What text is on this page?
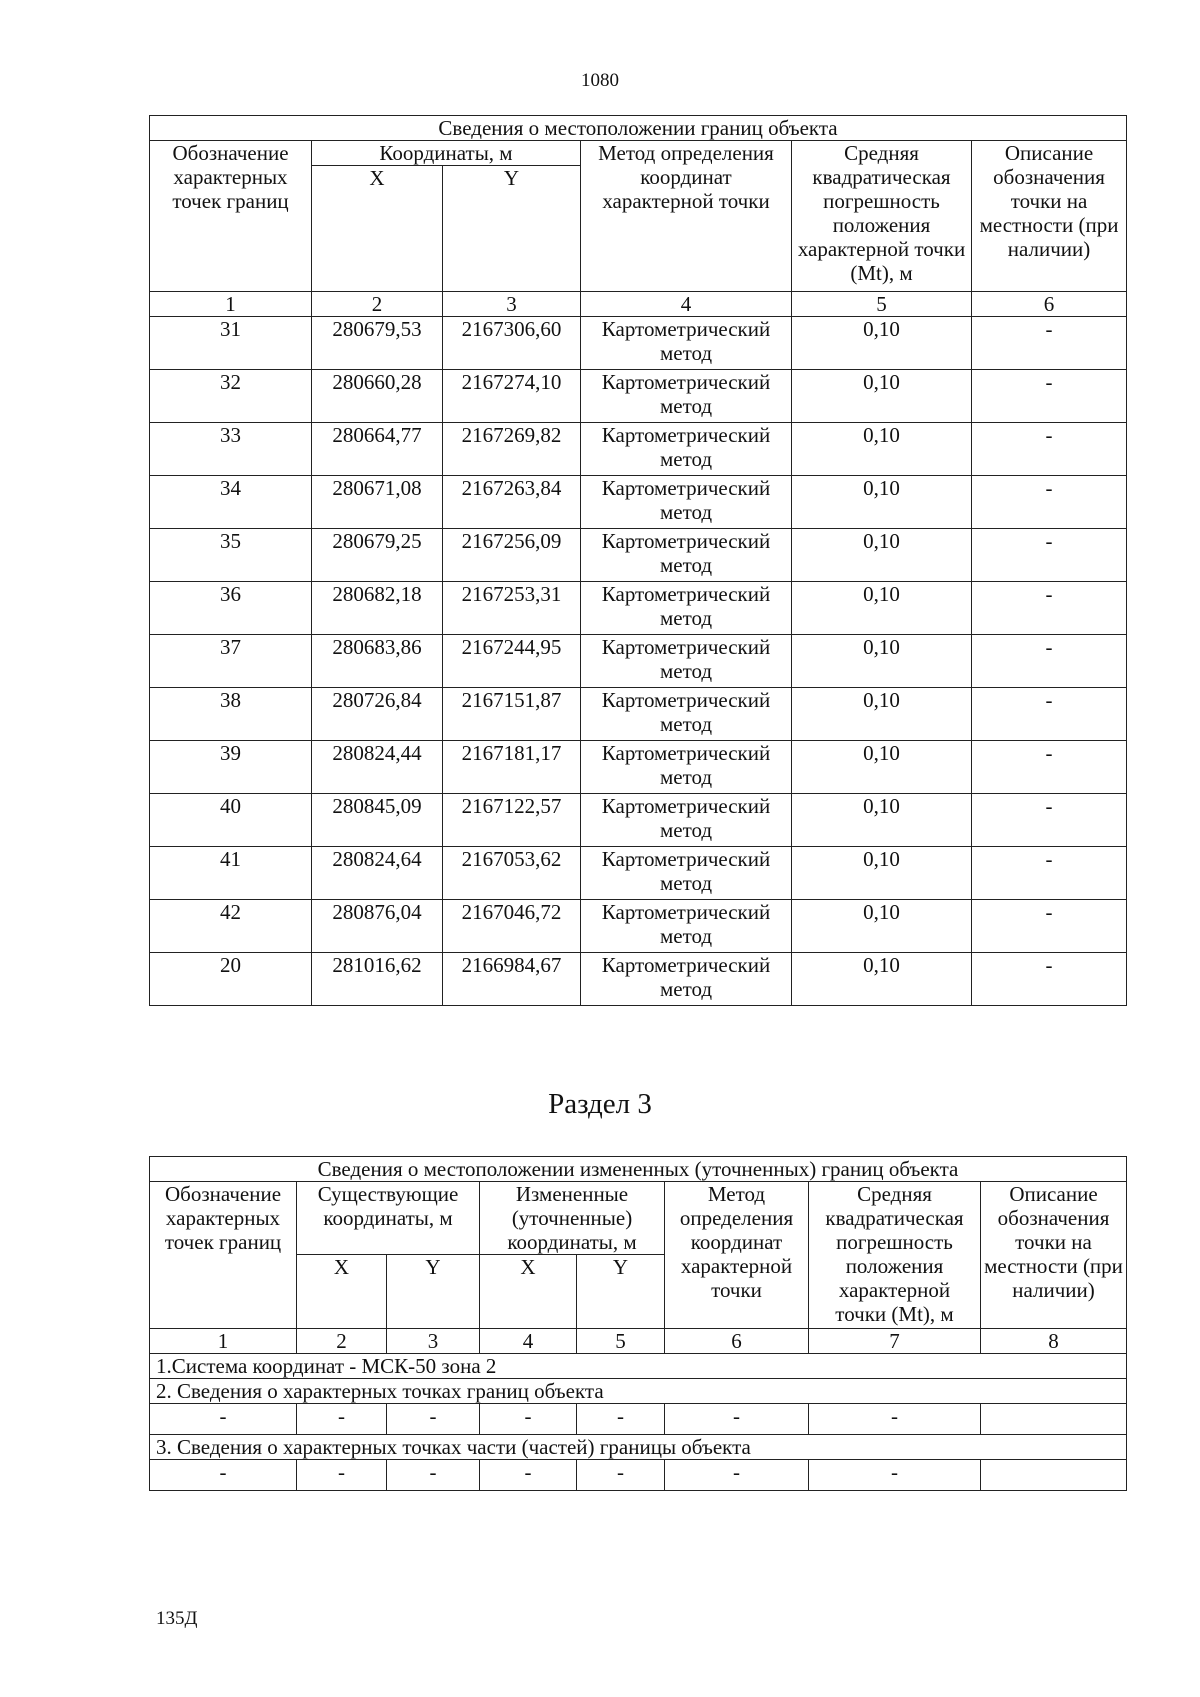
1080
Сведения о местоположении границ объекта					
Обозначение характерных точек границ	Координаты, м		Метод определения координат характерной точки	Средняя квадратическая погрешность положения характерной точки (Mt), м	Описание обозначения точки на местности (при наличии)
	X	Y			
1	2	3	4	5	6
31	280679,53	2167306,60	Картометрический метод	0,10	-
32	280660,28	2167274,10	Картометрический метод	0,10	-
33	280664,77	2167269,82	Картометрический метод	0,10	-
34	280671,08	2167263,84	Картометрический метод	0,10	-
35	280679,25	2167256,09	Картометрический метод	0,10	-
36	280682,18	2167253,31	Картометрический метод	0,10	-
37	280683,86	2167244,95	Картометрический метод	0,10	-
38	280726,84	2167151,87	Картометрический метод	0,10	-
39	280824,44	2167181,17	Картометрический метод	0,10	-
40	280845,09	2167122,57	Картометрический метод	0,10	-
41	280824,64	2167053,62	Картометрический метод	0,10	-
42	280876,04	2167046,72	Картометрический метод	0,10	-
20	281016,62	2166984,67	Картометрический метод	0,10	-
Раздел 3
Сведения о местоположении измененных (уточненных) границ объекта							
Обозначение характерных точек границ	Существующие координаты, м		Измененные (уточненные) координаты, м		Метод определения координат характерной точки	Средняя квадратическая погрешность положения характерной точки (Mt), м	Описание обозначения точки на местности (при наличии)
	X	Y	X	Y			
1	2	3	4	5	6	7	8
1.Система координат - МСК-50 зона 2							
2. Сведения о характерных точках границ объекта							
-	-	-	-	-	-	-	
3. Сведения о характерных точках части (частей) границы объекта							
-	-	-	-	-	-	-	
135Д
